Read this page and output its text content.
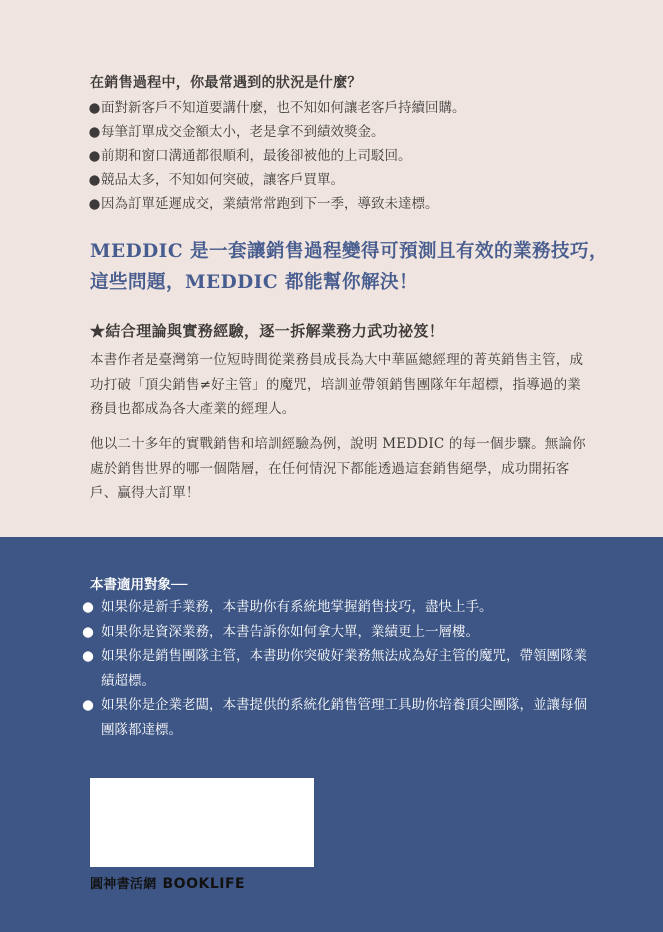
在銷售過程中，你最常遇到的狀況是什麼？
●面對新客戶不知道要講什麼，也不知如何讓老客戶持續回購。
●每筆訂單成交金額太小，老是拿不到績效獎金。
●前期和窗口溝通都很順利，最後卻被他的上司駁回。
●競品太多，不知如何突破，讓客戶買單。
●因為訂單延遲成交，業績常常跑到下一季，導致未達標。
MEDDIC 是一套讓銷售過程變得可預測且有效的業務技巧，
這些問題，MEDDIC 都能幫你解決！
★結合理論與實務經驗，逐一拆解業務力武功祕笈！

本書作者是臺灣第一位短時間從業務員成長為大中華區總經理的菁英銷售主管，成功打破「頂尖銷售≠好主管」的魔咒，培訓並帶領銷售團隊年年超標，指導過的業務員也都成為各大產業的經理人。

他以二十多年的實戰銷售和培訓經驗為例，說明 MEDDIC 的每一個步驟。無論你處於銷售世界的哪一個階層，在任何情況下都能透過這套銷售絕學，成功開拓客戶、贏得大訂單！

本書適用對象──
● 如果你是新手業務，本書助你有系統地掌握銷售技巧，盡快上手。
● 如果你是資深業務，本書告訴你如何拿大單，業績更上一層樓。
● 如果你是銷售團隊主管，本書助你突破好業務無法成為好主管的魔咒，帶領團隊業績超標。
● 如果你是企業老闆，本書提供的系統化銷售管理工具助你培養頂尖團隊，並讓每個團隊都達標。
圓神書活網 BOOKLIFE
